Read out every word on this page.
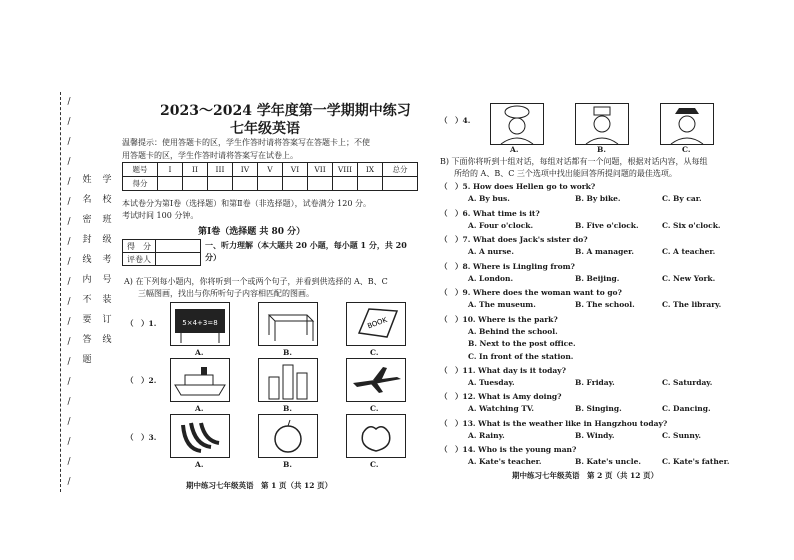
/
/
/
/
/
/
/
/
/
/
/
/
/
/
/
/
/
/
/
/
姓
名
密
封
线
内
不
要
答
题
学
校
班
级
考
号
装
订
线
2023～2024 学年度第一学期期中练习
七年级英语
温馨提示：使用答题卡的区，学生作答时请将答案写在答题卡上；不使
用答题卡的区，学生作答时请将答案写在试卷上。
题号	I	II	III	IV	V	VI	VII	VIII	IX	总分
得分										
本试卷分为第Ⅰ卷（选择题）和第Ⅱ卷（非选择题），试卷满分 120 分。
考试时间 100 分钟。
第Ⅰ卷（选择题 共 80 分）
得　分	
评卷人	
一、听力理解（本大题共 20 小题，每小题 1 分，共 20
分）
A) 在下列每小题内，你将听到一个或两个句子，并看到供选择的 A、B、C
三幅图画，找出与你所听句子内容相匹配的图画。
（　）1.	5×4+3=8	BOOK
A.	B.	C.
（　）2.
A.	B.	C.
（　）3.
A.	B.	C.
期中练习七年级英语　第 1 页（共 12 页）
（　）4.
A.	B.	C.
B) 下面你将听到十组对话，每组对话都有一个问题，根据对话内容，从每组
所给的 A、B、C 三个选项中找出能回答所提问题的最佳选项。
（　）5. How does Hellen go to work?
A. By bus.	B. By bike.	C. By car.
（　）6. What time is it?
A. Four o'clock.	B. Five o'clock.	C. Six o'clock.
（　）7. What does Jack's sister do?
A. A nurse.	B. A manager.	C. A teacher.
（　）8. Where is Lingling from?
A. London.	B. Beijing.	C. New York.
（　）9. Where does the woman want to go?
A. The museum.	B. The school.	C. The library.
（　）10. Where is the park?
A. Behind the school.
B. Next to the post office.
C. In front of the station.
（　）11. What day is it today?
A. Tuesday.	B. Friday.	C. Saturday.
（　）12. What is Amy doing?
A. Watching TV.	B. Singing.	C. Dancing.
（　）13. What is the weather like in Hangzhou today?
A. Rainy.	B. Windy.	C. Sunny.
（　）14. Who is the young man?
A. Kate's teacher.	B. Kate's uncle.	C. Kate's father.
期中练习七年级英语　第 2 页（共 12 页）
